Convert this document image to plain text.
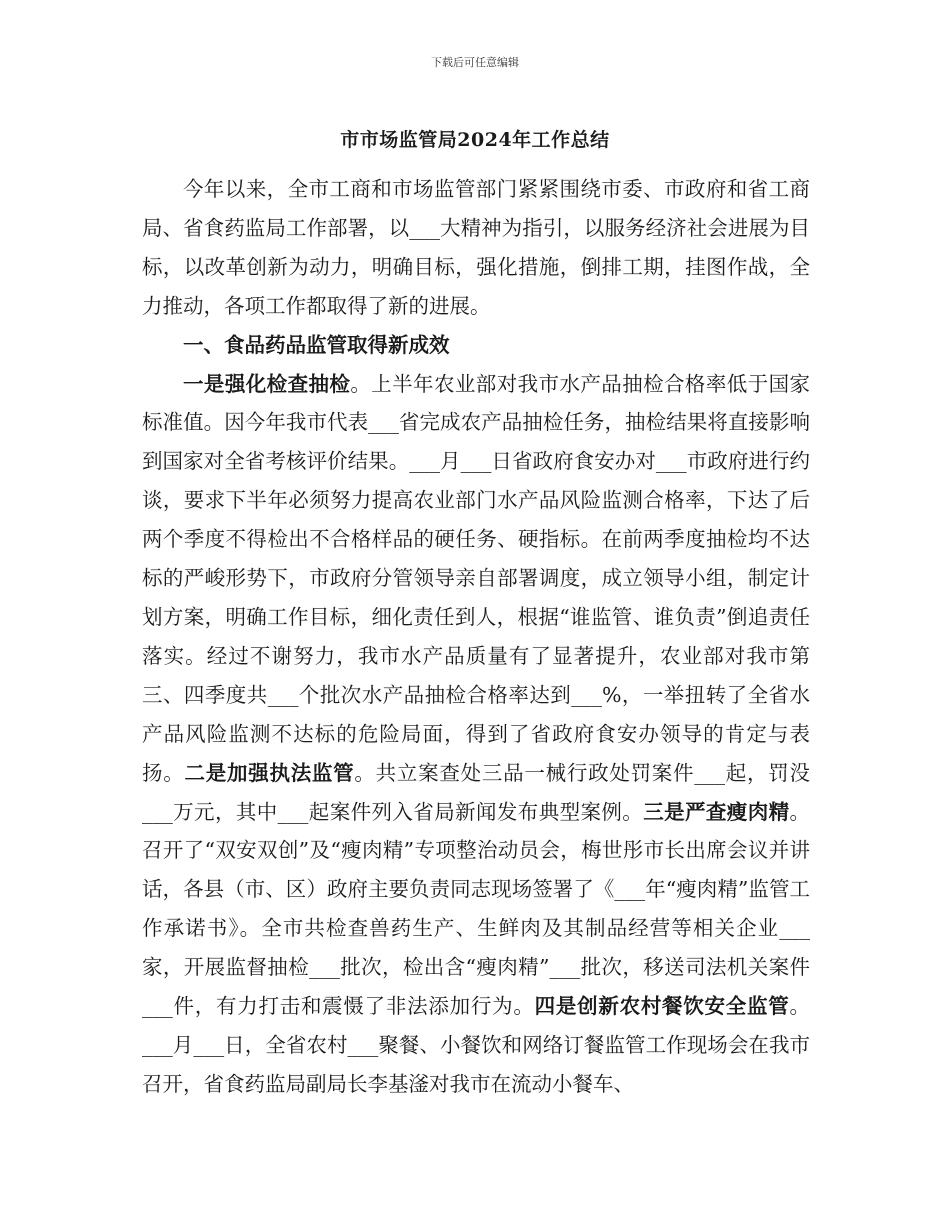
下载后可任意编辑
市市场监管局2024年工作总结

今年以来，全市工商和市场监管部门紧紧围绕市委、市政府和省工商局、省食药监局工作部署，以___大精神为指引，以服务经济社会进展为目标，以改革创新为动力，明确目标，强化措施，倒排工期，挂图作战，全力推动，各项工作都取得了新的进展。

一、食品药品监管取得新成效

一是强化检查抽检。上半年农业部对我市水产品抽检合格率低于国家标准值。因今年我市代表___省完成农产品抽检任务，抽检结果将直接影响到国家对全省考核评价结果。___月___日省政府食安办对___市政府进行约谈，要求下半年必须努力提高农业部门水产品风险监测合格率，下达了后两个季度不得检出不合格样品的硬任务、硬指标。在前两季度抽检均不达标的严峻形势下，市政府分管领导亲自部署调度，成立领导小组，制定计划方案，明确工作目标，细化责任到人，根据“谁监管、谁负责”倒追责任落实。经过不谢努力，我市水产品质量有了显著提升，农业部对我市第三、四季度共___个批次水产品抽检合格率达到___%，一举扭转了全省水产品风险监测不达标的危险局面，得到了省政府食安办领导的肯定与表扬。二是加强执法监管。共立案查处三品一械行政处罚案件___起，罚没___万元，其中___起案件列入省局新闻发布典型案例。三是严查瘦肉精。召开了“双安双创”及“瘦肉精”专项整治动员会，梅世彤市长出席会议并讲话，各县（市、区）政府主要负责同志现场签署了《___年“瘦肉精”监管工作承诺书》。全市共检查兽药生产、生鲜肉及其制品经营等相关企业___家，开展监督抽检___批次，检出含“瘦肉精”___批次，移送司法机关案件___件，有力打击和震慑了非法添加行为。四是创新农村餐饮安全监管。___月___日，全省农村___聚餐、小餐饮和网络订餐监管工作现场会在我市召开，省食药监局副局长李基滏对我市在流动小餐车、
